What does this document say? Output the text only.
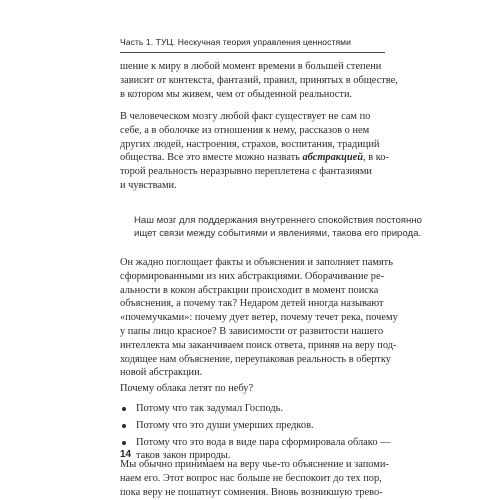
Часть 1. ТУЦ. Нескучная теория управления ценностями
шение к миру в любой момент времени в большей степени
зависит от контекста, фантазий, правил, принятых в обществе,
в котором мы живем, чем от обыденной реальности.
В человеческом мозгу любой факт существует не сам по
себе, а в оболочке из отношения к нему, рассказов о нем
других людей, настроения, страхов, воспитания, традиций
общества. Все это вместе можно назвать абстракцией, в ко-
торой реальность неразрывно переплетена с фантазиями
и чувствами.
Наш мозг для поддержания внутреннего спокойствия постоянно
ищет связи между событиями и явлениями, такова его природа.
Он жадно поглощает факты и объяснения и заполняет память
сформированными из них абстракциями. Оборачивание ре-
альности в кокон абстракции происходит в момент поиска
объяснения, а почему так? Недаром детей иногда называют
«почемучками»: почему дует ветер, почему течет река, почему
у папы лицо красное? В зависимости от развитости нашего
интеллекта мы заканчиваем поиск ответа, приняв на веру под-
ходящее нам объяснение, переупаковав реальность в обертку
новой абстракции.
Почему облака летят по небу?
Потому что так задумал Господь.
Потому что это души умерших предков.
Потому что это вода в виде пара сформировала облако —
таков закон природы.
Мы обычно принимаем на веру чье-то объяснение и запоми-
наем его. Этот вопрос нас больше не беспокоит до тех пор,
пока веру не пошатнут сомнения. Вновь возникшую трево-
14
